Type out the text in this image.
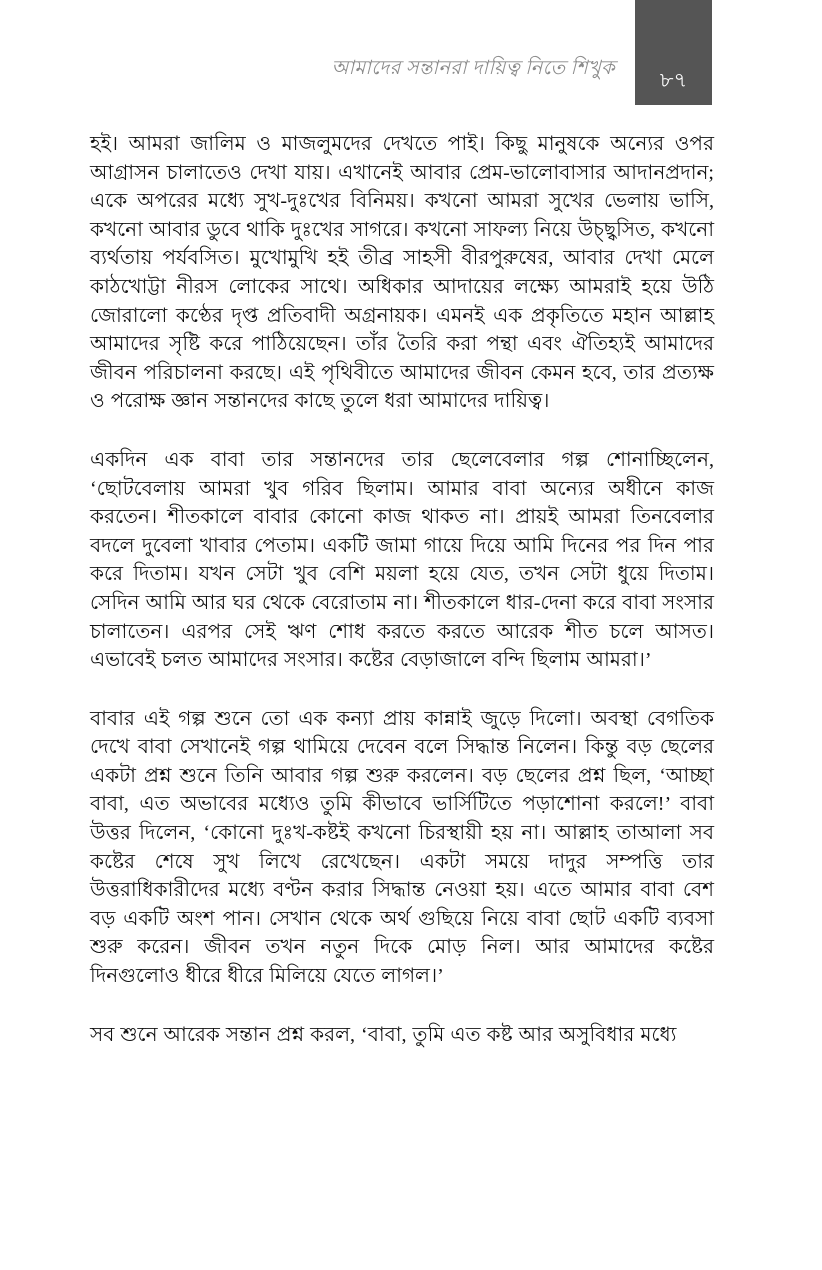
আমাদের সন্তানরা দায়িত্ব নিতে শিখুক	৮৭

হই। আমরা জালিম ও মাজলুমদের দেখতে পাই। কিছু মানুষকে অন্যের ওপর আগ্রাসন চালাতেও দেখা যায়। এখানেই আবার প্রেম-ভালোবাসার আদানপ্রদান; একে অপরের মধ্যে সুখ-দুঃখের বিনিময়। কখনো আমরা সুখের ভেলায় ভাসি, কখনো আবার ডুবে থাকি দুঃখের সাগরে। কখনো সাফল্য নিয়ে উচ্ছ্বসিত, কখনো ব্যর্থতায় পর্যবসিত। মুখোমুখি হই তীব্র সাহসী বীরপুরুষের, আবার দেখা মেলে কাঠখোট্টা নীরস লোকের সাথে। অধিকার আদায়ের লক্ষ্যে আমরাই হয়ে উঠি জোরালো কণ্ঠের দৃপ্ত প্রতিবাদী অগ্রনায়ক। এমনই এক প্রকৃতিতে মহান আল্লাহ আমাদের সৃষ্টি করে পাঠিয়েছেন। তাঁর তৈরি করা পন্থা এবং ঐতিহ্যই আমাদের জীবন পরিচালনা করছে। এই পৃথিবীতে আমাদের জীবন কেমন হবে, তার প্রত্যক্ষ ও পরোক্ষ জ্ঞান সন্তানদের কাছে তুলে ধরা আমাদের দায়িত্ব।

একদিন এক বাবা তার সন্তানদের তার ছেলেবেলার গল্প শোনাচ্ছিলেন, ‘ছোটবেলায় আমরা খুব গরিব ছিলাম। আমার বাবা অন্যের অধীনে কাজ করতেন। শীতকালে বাবার কোনো কাজ থাকত না। প্রায়ই আমরা তিনবেলার বদলে দুবেলা খাবার পেতাম। একটি জামা গায়ে দিয়ে আমি দিনের পর দিন পার করে দিতাম। যখন সেটা খুব বেশি ময়লা হয়ে যেত, তখন সেটা ধুয়ে দিতাম। সেদিন আমি আর ঘর থেকে বেরোতাম না। শীতকালে ধার-দেনা করে বাবা সংসার চালাতেন। এরপর সেই ঋণ শোধ করতে করতে আরেক শীত চলে আসত। এভাবেই চলত আমাদের সংসার। কষ্টের বেড়াজালে বন্দি ছিলাম আমরা।’

বাবার এই গল্প শুনে তো এক কন্যা প্রায় কান্নাই জুড়ে দিলো। অবস্থা বেগতিক দেখে বাবা সেখানেই গল্প থামিয়ে দেবেন বলে সিদ্ধান্ত নিলেন। কিন্তু বড় ছেলের একটা প্রশ্ন শুনে তিনি আবার গল্প শুরু করলেন। বড় ছেলের প্রশ্ন ছিল, ‘আচ্ছা বাবা, এত অভাবের মধ্যেও তুমি কীভাবে ভার্সিটিতে পড়াশোনা করলে!’ বাবা উত্তর দিলেন, ‘কোনো দুঃখ-কষ্টই কখনো চিরস্থায়ী হয় না। আল্লাহ তাআলা সব কষ্টের শেষে সুখ লিখে রেখেছেন। একটা সময়ে দাদুর সম্পত্তি তার উত্তরাধিকারীদের মধ্যে বণ্টন করার সিদ্ধান্ত নেওয়া হয়। এতে আমার বাবা বেশ বড় একটি অংশ পান। সেখান থেকে অর্থ গুছিয়ে নিয়ে বাবা ছোট একটি ব্যবসা শুরু করেন। জীবন তখন নতুন দিকে মোড় নিল। আর আমাদের কষ্টের দিনগুলোও ধীরে ধীরে মিলিয়ে যেতে লাগল।’

সব শুনে আরেক সন্তান প্রশ্ন করল, ‘বাবা, তুমি এত কষ্ট আর অসুবিধার মধ্যে
